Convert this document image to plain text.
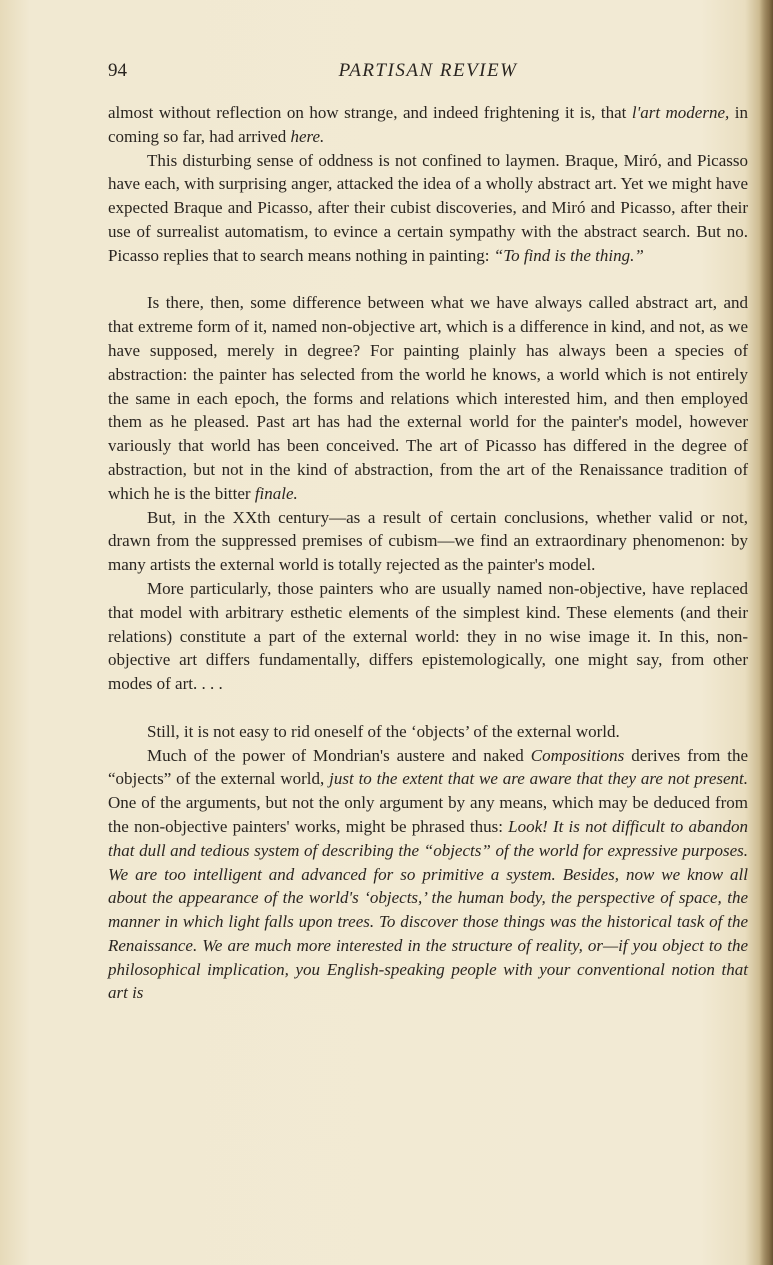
94	PARTISAN REVIEW

almost without reflection on how strange, and indeed frightening it is, that l'art moderne, in coming so far, had arrived here.

This disturbing sense of oddness is not confined to laymen. Braque, Miró, and Picasso have each, with surprising anger, attacked the idea of a wholly abstract art. Yet we might have expected Braque and Picasso, after their cubist discoveries, and Miró and Picasso, after their use of surrealist automatism, to evince a certain sympathy with the abstract search. But no. Picasso replies that to search means nothing in painting: “To find is the thing.”

Is there, then, some difference between what we have always called abstract art, and that extreme form of it, named non-objective art, which is a difference in kind, and not, as we have supposed, merely in degree? For painting plainly has always been a species of abstraction: the painter has selected from the world he knows, a world which is not entirely the same in each epoch, the forms and relations which interested him, and then employed them as he pleased. Past art has had the external world for the painter's model, however variously that world has been conceived. The art of Picasso has differed in the degree of abstraction, but not in the kind of abstraction, from the art of the Renaissance tradition of which he is the bitter finale.

But, in the XXth century—as a result of certain conclusions, whether valid or not, drawn from the suppressed premises of cubism—we find an extraordinary phenomenon: by many artists the external world is totally rejected as the painter's model.

More particularly, those painters who are usually named non-objective, have replaced that model with arbitrary esthetic elements of the simplest kind. These elements (and their relations) constitute a part of the external world: they in no wise image it. In this, non-objective art differs fundamentally, differs epistemologically, one might say, from other modes of art. . . .

Still, it is not easy to rid oneself of the ‘objects’ of the external world.

Much of the power of Mondrian's austere and naked Compositions derives from the “objects” of the external world, just to the extent that we are aware that they are not present. One of the arguments, but not the only argument by any means, which may be deduced from the non-objective painters' works, might be phrased thus: Look! It is not difficult to abandon that dull and tedious system of describing the “objects” of the world for expressive purposes. We are too intelligent and advanced for so primitive a system. Besides, now we know all about the appearance of the world's ‘objects,’ the human body, the perspective of space, the manner in which light falls upon trees. To discover those things was the historical task of the Renaissance. We are much more interested in the structure of reality, or—if you object to the philosophical implication, you English-speaking people with your conventional notion that art is
